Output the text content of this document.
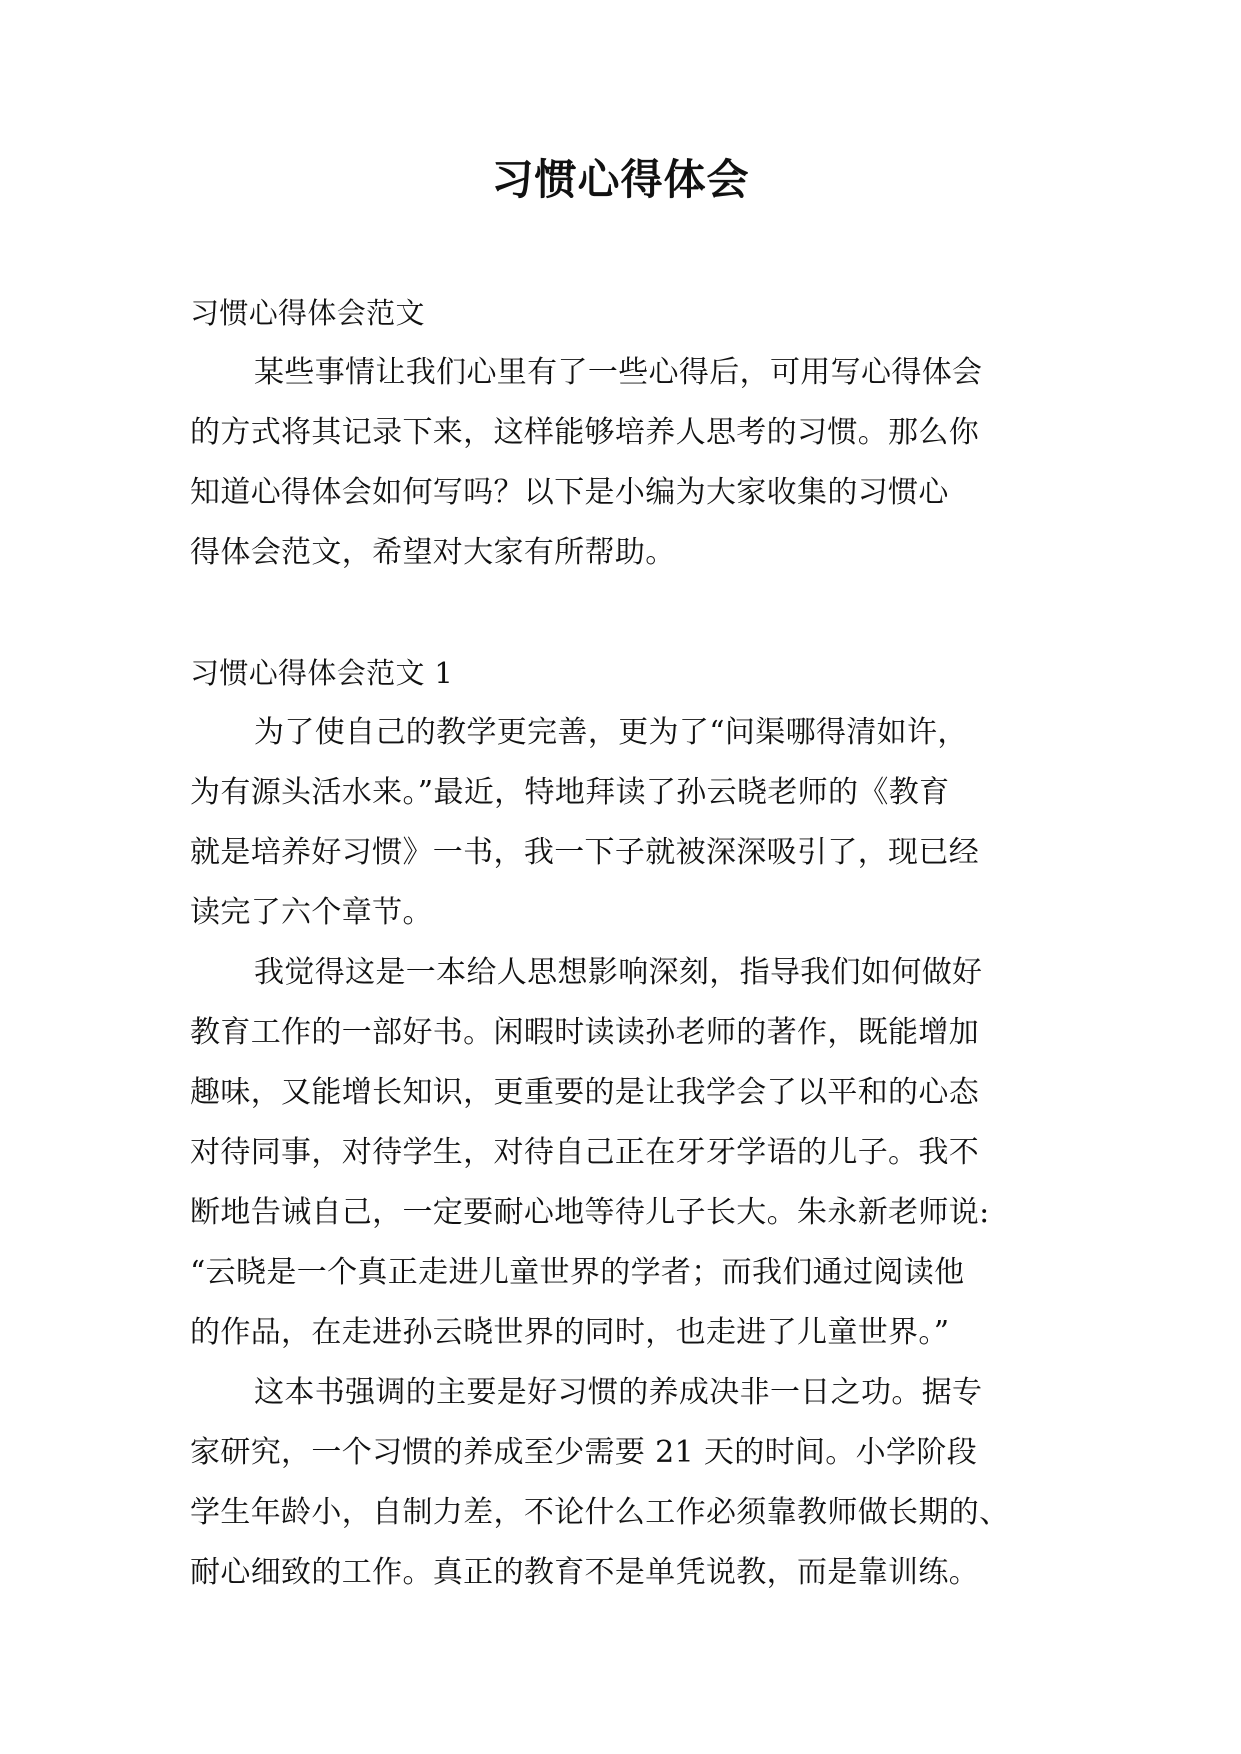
习惯心得体会
习惯心得体会范文
某些事情让我们心里有了一些心得后，可用写心得体会
的方式将其记录下来，这样能够培养人思考的习惯。那么你
知道心得体会如何写吗？以下是小编为大家收集的习惯心
得体会范文，希望对大家有所帮助。
习惯心得体会范文 1
为了使自己的教学更完善，更为了“问渠哪得清如许，
为有源头活水来。”最近，特地拜读了孙云晓老师的《教育
就是培养好习惯》一书，我一下子就被深深吸引了，现已经
读完了六个章节。
我觉得这是一本给人思想影响深刻，指导我们如何做好
教育工作的一部好书。闲暇时读读孙老师的著作，既能增加
趣味，又能增长知识，更重要的是让我学会了以平和的心态
对待同事，对待学生，对待自己正在牙牙学语的儿子。我不
断地告诫自己，一定要耐心地等待儿子长大。朱永新老师说:
“云晓是一个真正走进儿童世界的学者；而我们通过阅读他
的作品，在走进孙云晓世界的同时，也走进了儿童世界。”
这本书强调的主要是好习惯的养成决非一日之功。据专
家研究，一个习惯的养成至少需要 21 天的时间。小学阶段
学生年龄小，自制力差，不论什么工作必须靠教师做长期的、
耐心细致的工作。真正的教育不是单凭说教，而是靠训练。
